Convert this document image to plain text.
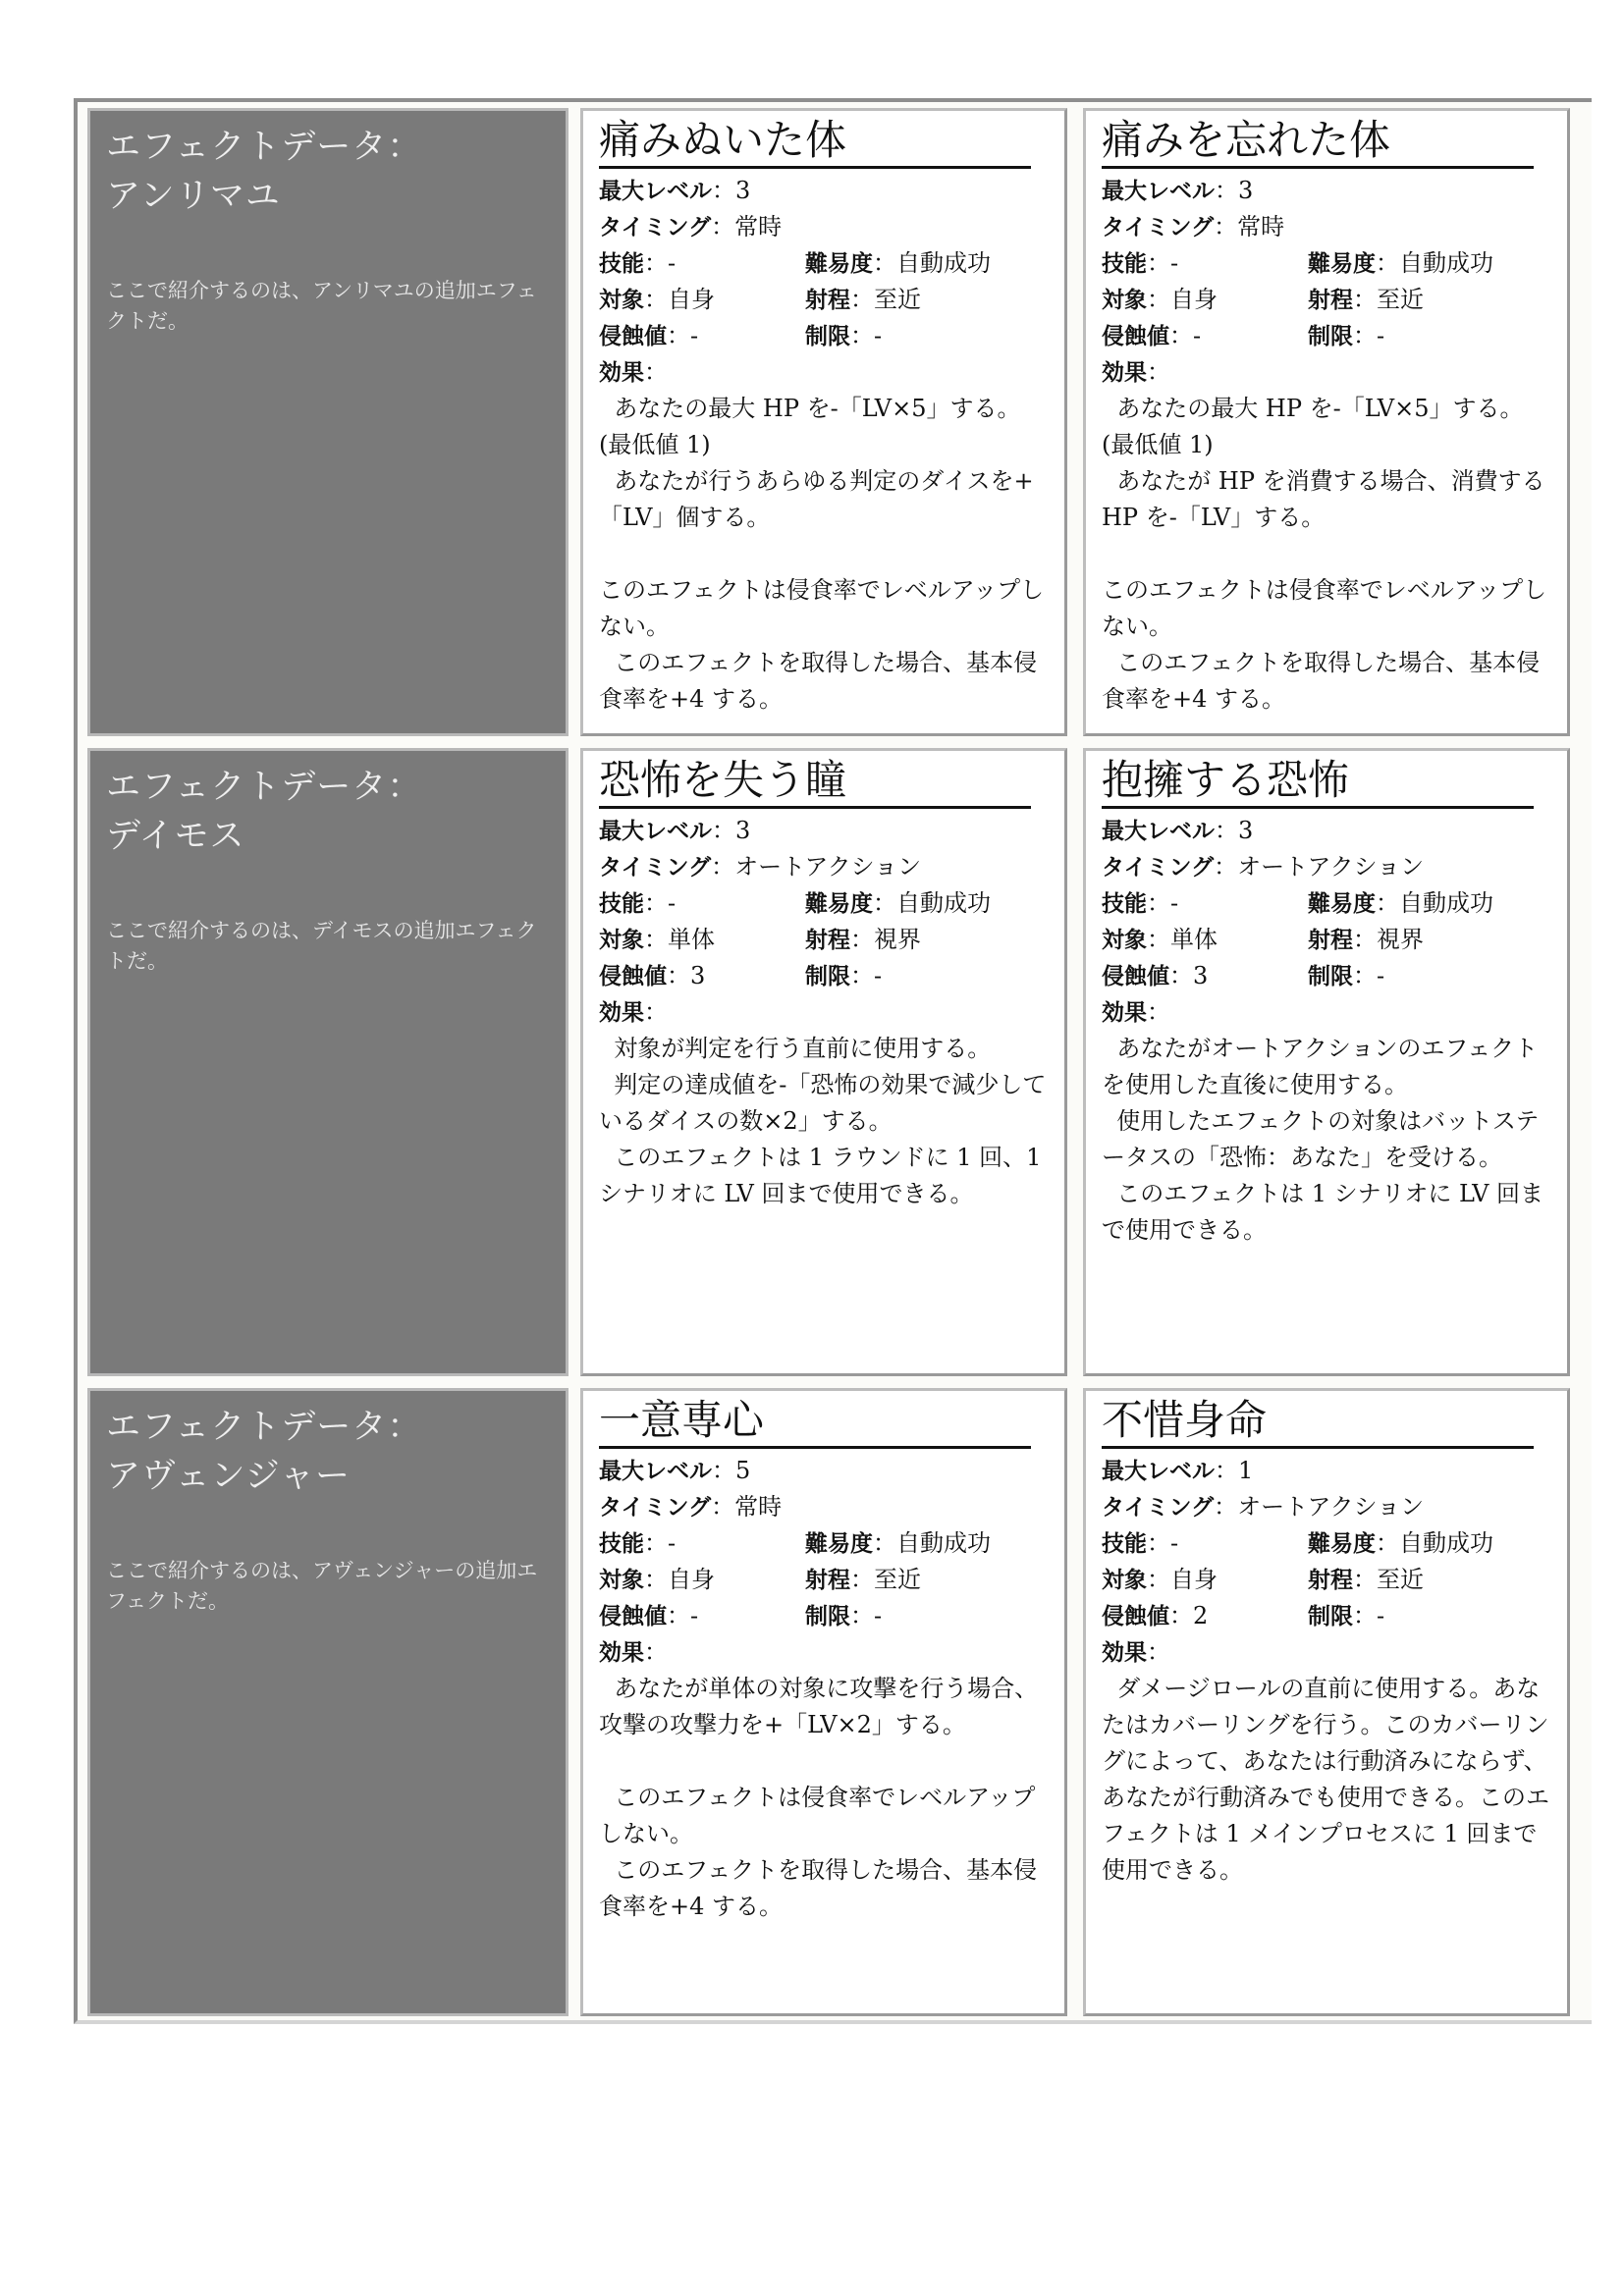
エフェクトデータ：
アンリマユ
ここで紹介するのは、アンリマユの追加エフェクトだ。
痛みぬいた体
最大レベル：3
タイミング：常時
技能：-	難易度：自動成功
対象：自身	射程：至近
侵蝕値：-	制限：-
効果：

あなたの最大 HP を-「LV×5」する。(最低値 1)

あなたが行うあらゆる判定のダイスを+「LV」個する。

このエフェクトは侵食率でレベルアップしない。

このエフェクトを取得した場合、基本侵食率を+4 する。

痛みを忘れた体
最大レベル：3
タイミング：常時
技能：-	難易度：自動成功
対象：自身	射程：至近
侵蝕値：-	制限：-
効果：

あなたの最大 HP を-「LV×5」する。(最低値 1)

あなたが HP を消費する場合、消費する HP を-「LV」する。

このエフェクトは侵食率でレベルアップしない。

このエフェクトを取得した場合、基本侵食率を+4 する。

エフェクトデータ：
デイモス
ここで紹介するのは、デイモスの追加エフェクトだ。
恐怖を失う瞳
最大レベル：3
タイミング：オートアクション
技能：-	難易度：自動成功
対象：単体	射程：視界
侵蝕値：3	制限：-
効果：

対象が判定を行う直前に使用する。

判定の達成値を-「恐怖の効果で減少しているダイスの数×2」する。

このエフェクトは 1 ラウンドに 1 回、1 シナリオに LV 回まで使用できる。

抱擁する恐怖
最大レベル：3
タイミング：オートアクション
技能：-	難易度：自動成功
対象：単体	射程：視界
侵蝕値：3	制限：-
効果：

あなたがオートアクションのエフェクトを使用した直後に使用する。

使用したエフェクトの対象はバットステータスの「恐怖：あなた」を受ける。

このエフェクトは 1 シナリオに LV 回まで使用できる。

エフェクトデータ：
アヴェンジャー
ここで紹介するのは、アヴェンジャーの追加エフェクトだ。
一意専心
最大レベル：5
タイミング：常時
技能：-	難易度：自動成功
対象：自身	射程：至近
侵蝕値：-	制限：-
効果：

あなたが単体の対象に攻撃を行う場合、攻撃の攻撃力を+「LV×2」する。

このエフェクトは侵食率でレベルアップしない。

このエフェクトを取得した場合、基本侵食率を+4 する。

不惜身命
最大レベル：1
タイミング：オートアクション
技能：-	難易度：自動成功
対象：自身	射程：至近
侵蝕値：2	制限：-
効果：

ダメージロールの直前に使用する。あなたはカバーリングを行う。このカバーリングによって、あなたは行動済みにならず、あなたが行動済みでも使用できる。このエフェクトは 1 メインプロセスに 1 回まで使用できる。
